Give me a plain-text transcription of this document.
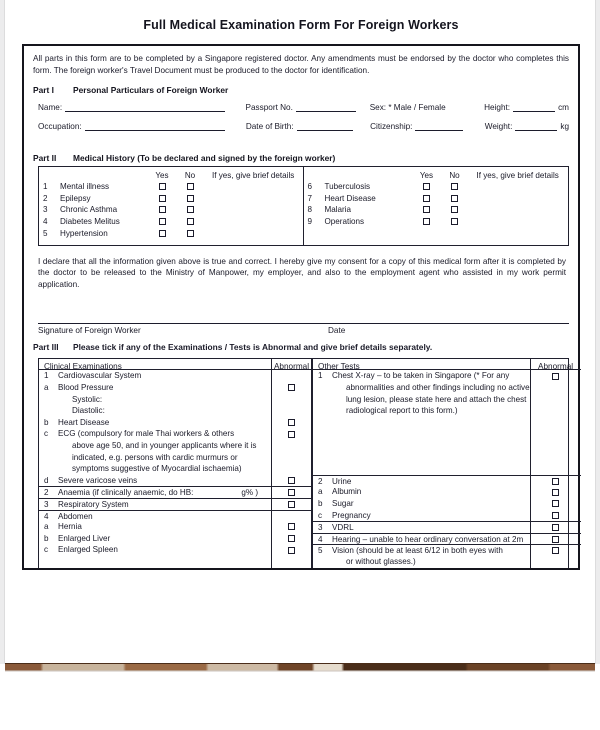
Full Medical Examination Form For Foreign Workers
All parts in this form are to be completed by a Singapore registered doctor. Any amendments must be endorsed by the doctor who completes this form. The foreign worker's Travel Document must be produced to the doctor for identification.
Part I	Personal Particulars of Foreign Worker
Name:	Passport No.	Sex: * Male / Female	Height:	cm
Occupation:	Date of Birth:	Citizenship:	Weight:	kg
Part II	Medical History (To be declared and signed by the foreign worker)
Yes	No	If yes, give brief details
1	Mental illness
2	Epilepsy
3	Chronic Asthma
4	Diabetes Melitus
5	Hypertension
Yes	No	If yes, give brief details
6	Tuberculosis
7	Heart Disease
8	Malaria
9	Operations
I declare that all the information given above is true and correct. I hereby give my consent for a copy of this medical form after it is completed by the doctor to be released to the Ministry of Manpower, my employer, and also to the employment agent who assisted in my work permit application.
Signature of Foreign Worker	Date
Part III	Please tick if any of the Examinations / Tests is Abnormal and give brief details separately.
Clinical Examinations
1	Cardiovascular System
a	Blood Pressure
Systolic:
Diastolic:
b	Heart Disease
c	ECG (compulsory for male Thai workers & others
above age 50, and in younger applicants where it is
indicated, e.g. persons with cardic murmurs or
symptoms suggestive of Myocardial ischaemia)
d	Severe varicose veins
2	Anaemia (if clinically anaemic, do HB:	g% )
3	Respiratory System
4	Abdomen
a	Hernia
b	Enlarged Liver
c	Enlarged Spleen
Abnormal	Other Tests
1	Chest X-ray – to be taken in Singapore (* For any
abnormalities and other findings including no active
lung lesion, please state here and attach the chest
radiological report to this form.)
2	Urine
a	Albumin
b	Sugar
c	Pregnancy
3	VDRL
4	Hearing – unable to hear ordinary conversation at 2m
5	Vision (should be at least 6/12 in both eyes with
or without glasses.)
Abnormal
